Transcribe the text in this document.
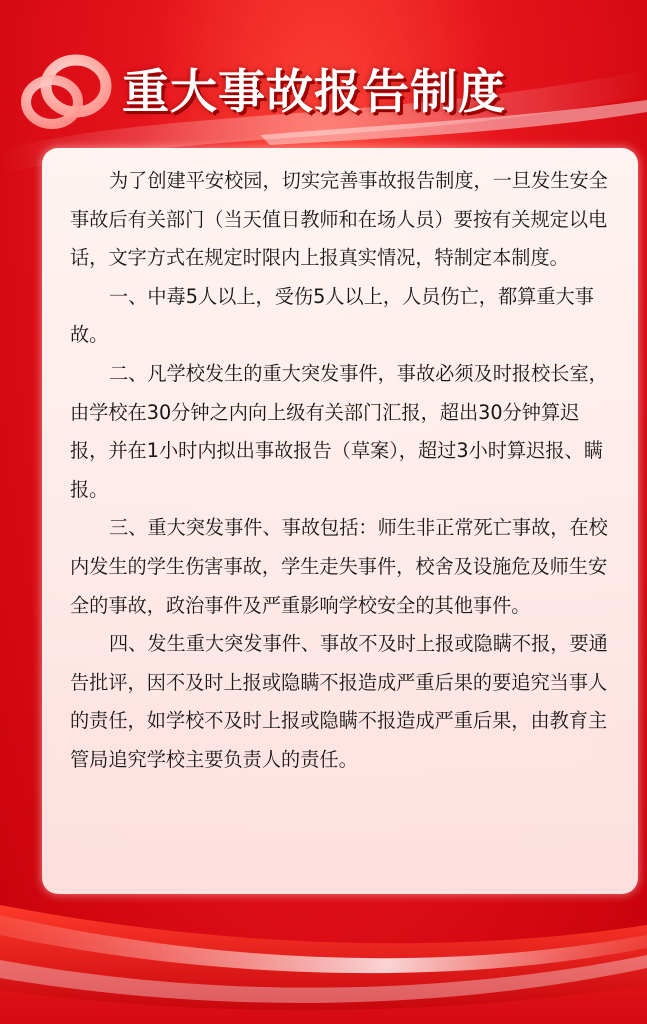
重大事故报告制度

为了创建平安校园，切实完善事故报告制度，一旦发生安全事故后有关部门（当天值日教师和在场人员）要按有关规定以电话，文字方式在规定时限内上报真实情况，特制定本制度。

一、中毒5人以上，受伤5人以上，人员伤亡，都算重大事故。

二、凡学校发生的重大突发事件，事故必须及时报校长室，由学校在30分钟之内向上级有关部门汇报，超出30分钟算迟报，并在1小时内拟出事故报告（草案），超过3小时算迟报、瞒报。

三、重大突发事件、事故包括：师生非正常死亡事故，在校内发生的学生伤害事故，学生走失事件，校舍及设施危及师生安全的事故，政治事件及严重影响学校安全的其他事件。

四、发生重大突发事件、事故不及时上报或隐瞒不报，要通告批评，因不及时上报或隐瞒不报造成严重后果的要追究当事人的责任，如学校不及时上报或隐瞒不报造成严重后果，由教育主管局追究学校主要负责人的责任。
